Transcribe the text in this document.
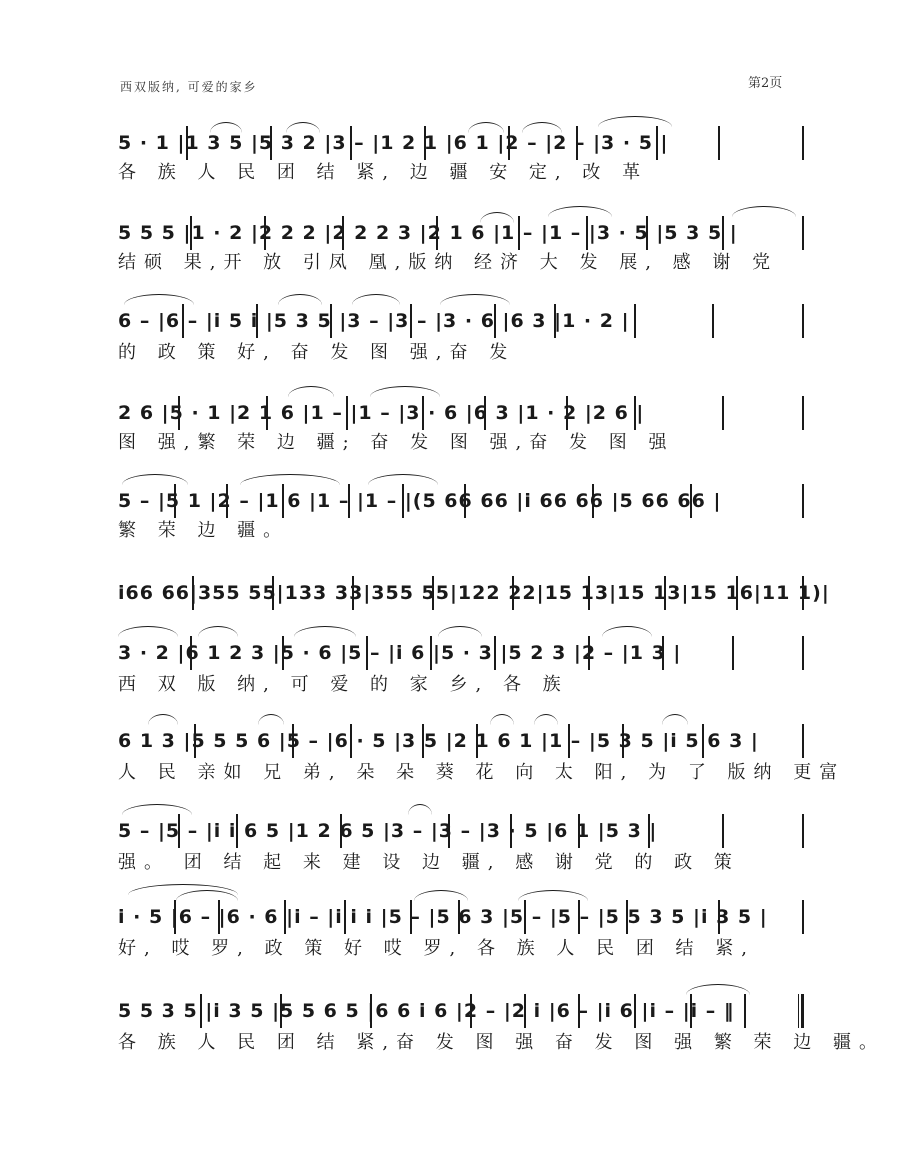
西双版纳, 可爱的家乡	第2页
5 · 1 |1 3 5 |5 3 2 |3 – |1 2 1 |6 1 |2 – |2 – |3 · 5 |
各 族 人 民 团 结 紧, 边 疆 安 定, 改 革
5 5 5 |1 · 2 |2 2 2 |2 2 2 3 |2 1 6 |1 – |1 – |3 · 5 |5 3 5 |
结硕 果,开 放 引凤 凰,版纳 经济 大 发 展, 感 谢 党
6 – |6 – |i 5 i |5 3 5 |3 – |3 – |3 · 6 |6 3 |1 · 2 |
的 政 策 好, 奋 发 图 强,奋 发
2 6 |5 · 1 |2 1 6 |1 – |1 – |3 · 6 |6 3 |1 · 2 |2 6 |
图 强,繁 荣 边 疆; 奋 发 图 强,奋 发 图 强
5 – |5 1 |2 – |1 6 |1 – |1 – |(5 66 66 |i 66 66 |5 66 66 |
繁 荣 边 疆。
i66 66|355 55|133 33|355 55|122 22|15 13|15 13|15 16|11 1)|
3 · 2 |6 1 2 3 |5 · 6 |5 – |i 6 |5 · 3 |5 2 3 |2 – |1 3 |
西 双 版 纳, 可 爱 的 家 乡, 各 族
6 1 3 |5 5 5 6 |5 – |6 · 5 |3 5 |2 1 6 1 |1 – |5 3 5 |i 5 6 3 |
人 民 亲如 兄 弟, 朵 朵 葵 花 向 太 阳, 为 了 版纳 更富
5 – |5 – |i i 6 5 |1 2 6 5 |3 – |3 – |3 · 5 |6 1 |5 3 |
强。 团 结 起 来 建 设 边 疆, 感 谢 党 的 政 策
i · 5 |6 – |6 · 6 |i – |i i i |5 – |5 6 3 |5 – |5 – |5 5 3 5 |i 3 5 |
好, 哎 罗, 政 策 好 哎 罗, 各 族 人 民 团 结 紧,
5 5 3 5 |i 3 5 |5 5 6 5 |6 6 i 6 |2 – |2 i |6 – |i 6 |i – |i – ‖
各 族 人 民 团 结 紧,奋 发 图 强 奋 发 图 强 繁 荣 边 疆。
